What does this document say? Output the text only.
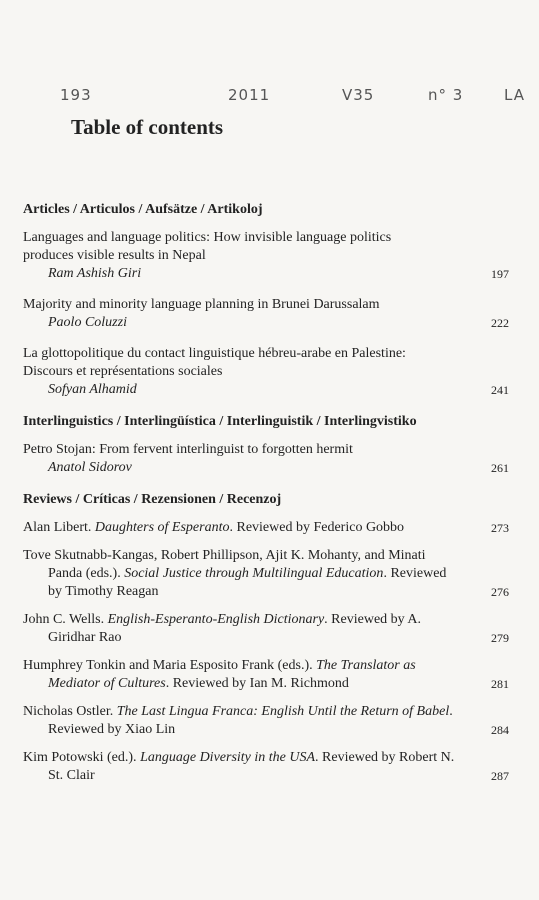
193	2011	V35	n° 3	LA
Table of contents
Articles / Articulos / Aufsätze / Artikoloj
Languages and language politics: How invisible language politics
produces visible results in Nepal
Ram Ashish Giri	197
Majority and minority language planning in Brunei Darussalam
Paolo Coluzzi	222
La glottopolitique du contact linguistique hébreu-arabe en Palestine:
Discours et représentations sociales
Sofyan Alhamid	241
Interlinguistics / Interlingüística / Interlinguistik / Interlingvistiko
Petro Stojan: From fervent interlinguist to forgotten hermit
Anatol Sidorov	261
Reviews / Críticas / Rezensionen / Recenzoj
Alan Libert. Daughters of Esperanto. Reviewed by Federico Gobbo	273
Tove Skutnabb-Kangas, Robert Phillipson, Ajit K. Mohanty, and Minati Panda (eds.). Social Justice through Multilingual Education. Reviewed by Timothy Reagan	276
John C. Wells. English-Esperanto-English Dictionary. Reviewed by A. Giridhar Rao	279
Humphrey Tonkin and Maria Esposito Frank (eds.). The Translator as Mediator of Cultures. Reviewed by Ian M. Richmond	281
Nicholas Ostler. The Last Lingua Franca: English Until the Return of Babel. Reviewed by Xiao Lin	284
Kim Potowski (ed.). Language Diversity in the USA. Reviewed by Robert N. St. Clair	287
